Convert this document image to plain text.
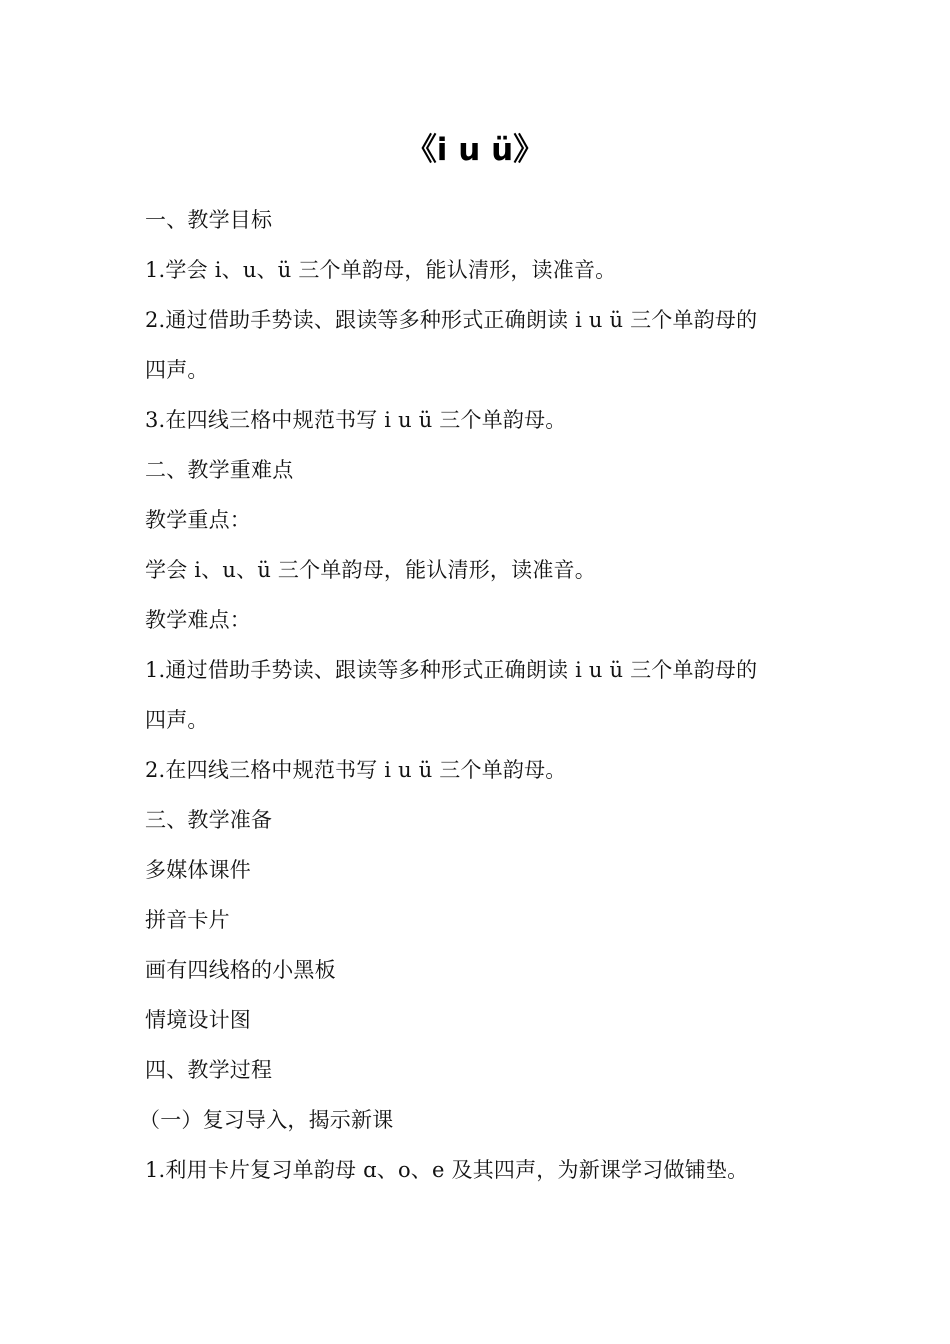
《i u ü》
一、教学目标
1.学会 i、u、ü 三个单韵母，能认清形，读准音。
2.通过借助手势读、跟读等多种形式正确朗读 i u ü 三个单韵母的
四声。
3.在四线三格中规范书写 i u ü 三个单韵母。
二、教学重难点
教学重点：
学会 i、u、ü 三个单韵母，能认清形，读准音。
教学难点：
1.通过借助手势读、跟读等多种形式正确朗读 i u ü 三个单韵母的
四声。
2.在四线三格中规范书写 i u ü 三个单韵母。
三、教学准备
多媒体课件
拼音卡片
画有四线格的小黑板
情境设计图
四、教学过程
（一）复习导入，揭示新课
1.利用卡片复习单韵母 ɑ、o、e 及其四声，为新课学习做铺垫。
